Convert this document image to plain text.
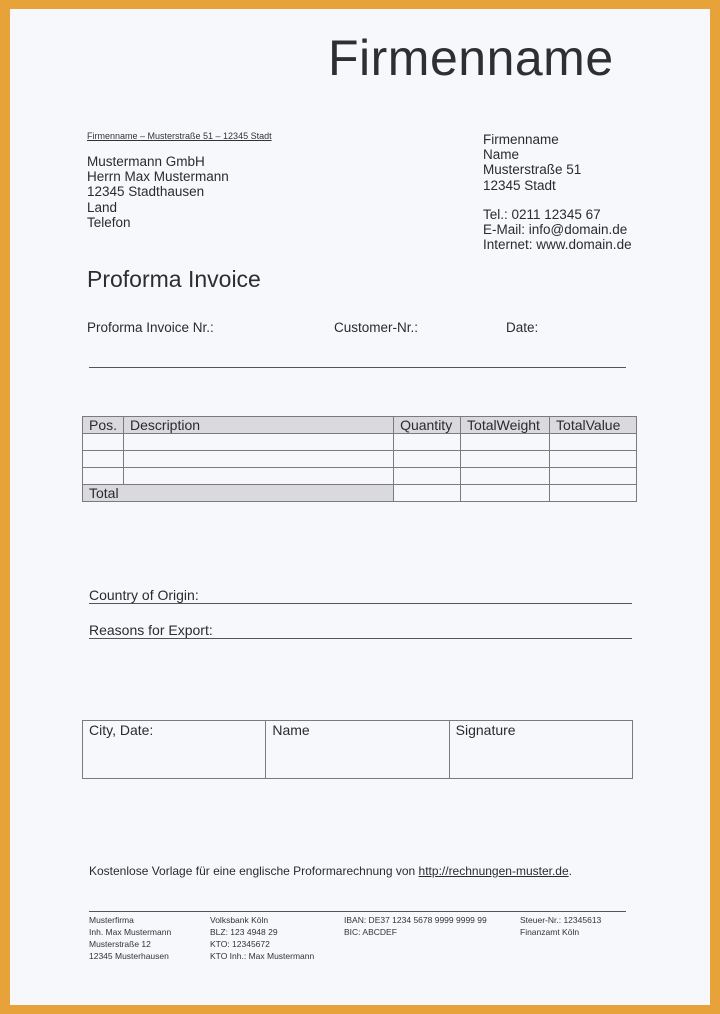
Firmenname
Firmenname – Musterstraße 51 – 12345 Stadt
Mustermann GmbH
Herrn Max Mustermann
12345 Stadthausen
Land
Telefon
Firmenname
Name
Musterstraße 51
12345 Stadt
Tel.: 0211 12345 67
E-Mail: info@domain.de
Internet: www.domain.de
Proforma Invoice
Proforma Invoice Nr.:	Customer-Nr.:	Date:
Pos.	Description	Quantity	TotalWeight	TotalValue

Total				
Country of Origin:
Reasons for Export:
City, Date:	Name	Signature
Kostenlose Vorlage für eine englische Proformarechnung von http://rechnungen-muster.de.
Musterfirma
Inh. Max Mustermann
Musterstraße 12
12345 Musterhausen
Volksbank Köln
BLZ: 123 4948 29
KTO: 12345672
KTO Inh.: Max Mustermann
IBAN: DE37 1234 5678 9999 9999 99
BIC: ABCDEF
Steuer-Nr.: 12345613
Finanzamt Köln
